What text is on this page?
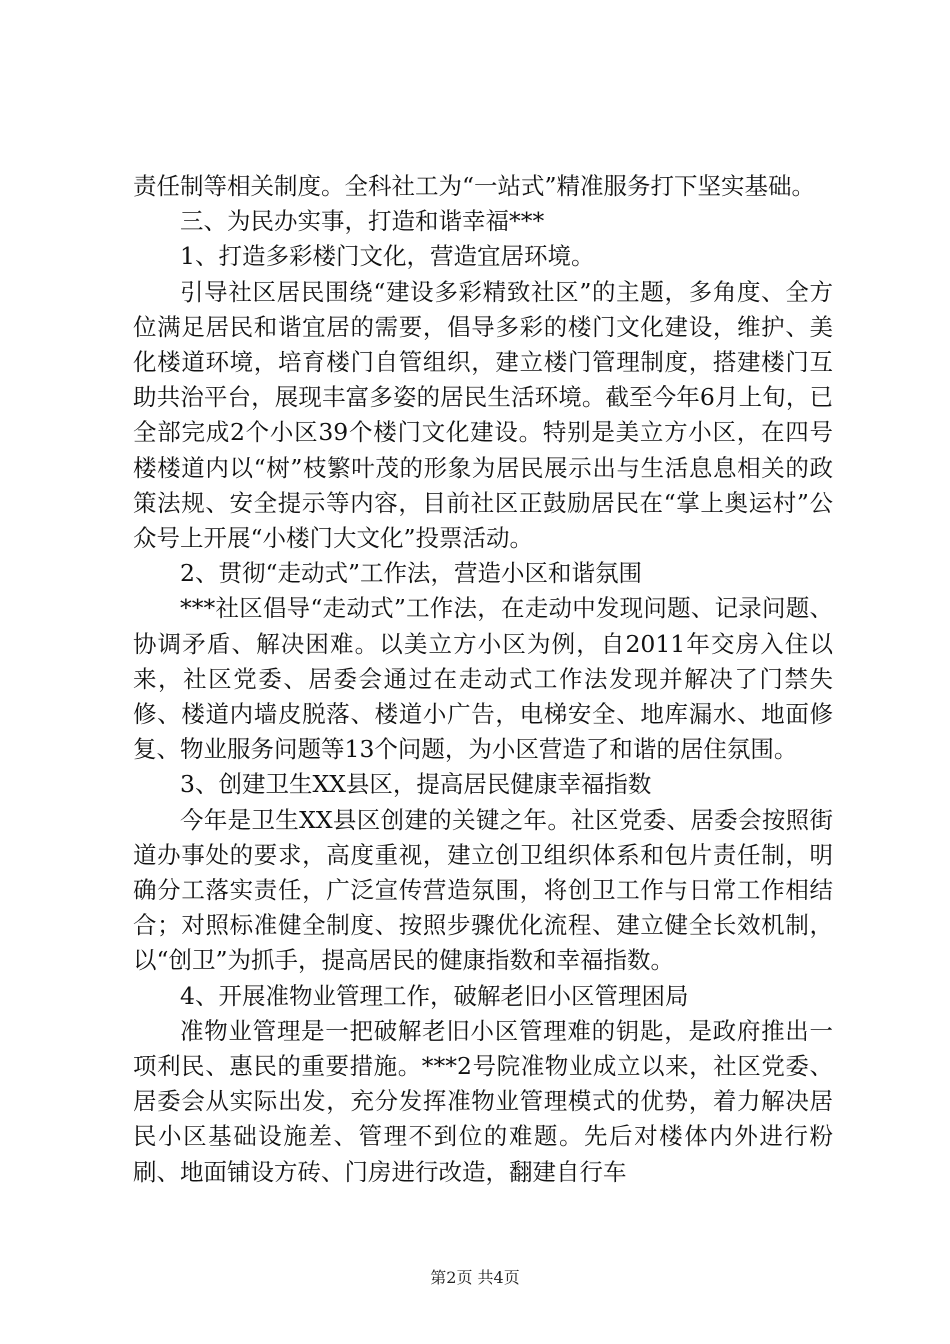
责任制等相关制度。全科社工为“一站式”精准服务打下坚实基础。

三、为民办实事，打造和谐幸福***

1、打造多彩楼门文化，营造宜居环境。

引导社区居民围绕“建设多彩精致社区”的主题，多角度、全方位满足居民和谐宜居的需要，倡导多彩的楼门文化建设，维护、美化楼道环境，培育楼门自管组织，建立楼门管理制度，搭建楼门互助共治平台，展现丰富多姿的居民生活环境。截至今年6月上旬，已全部完成2个小区39个楼门文化建设。特别是美立方小区，在四号楼楼道内以“树”枝繁叶茂的形象为居民展示出与生活息息相关的政策法规、安全提示等内容，目前社区正鼓励居民在“掌上奥运村”公众号上开展“小楼门大文化”投票活动。

2、贯彻“走动式”工作法，营造小区和谐氛围

***社区倡导“走动式”工作法，在走动中发现问题、记录问题、协调矛盾、解决困难。以美立方小区为例，自2011年交房入住以来，社区党委、居委会通过在走动式工作法发现并解决了门禁失修、楼道内墙皮脱落、楼道小广告，电梯安全、地库漏水、地面修复、物业服务问题等13个问题，为小区营造了和谐的居住氛围。

3、创建卫生XX县区，提高居民健康幸福指数

今年是卫生XX县区创建的关键之年。社区党委、居委会按照街道办事处的要求，高度重视，建立创卫组织体系和包片责任制，明确分工落实责任，广泛宣传营造氛围，将创卫工作与日常工作相结合；对照标准健全制度、按照步骤优化流程、建立健全长效机制，以“创卫”为抓手，提高居民的健康指数和幸福指数。

4、开展准物业管理工作，破解老旧小区管理困局

准物业管理是一把破解老旧小区管理难的钥匙，是政府推出一项利民、惠民的重要措施。***2号院准物业成立以来，社区党委、居委会从实际出发，充分发挥准物业管理模式的优势，着力解决居民小区基础设施差、管理不到位的难题。先后对楼体内外进行粉刷、地面铺设方砖、门房进行改造，翻建自行车

第2页 共4页
